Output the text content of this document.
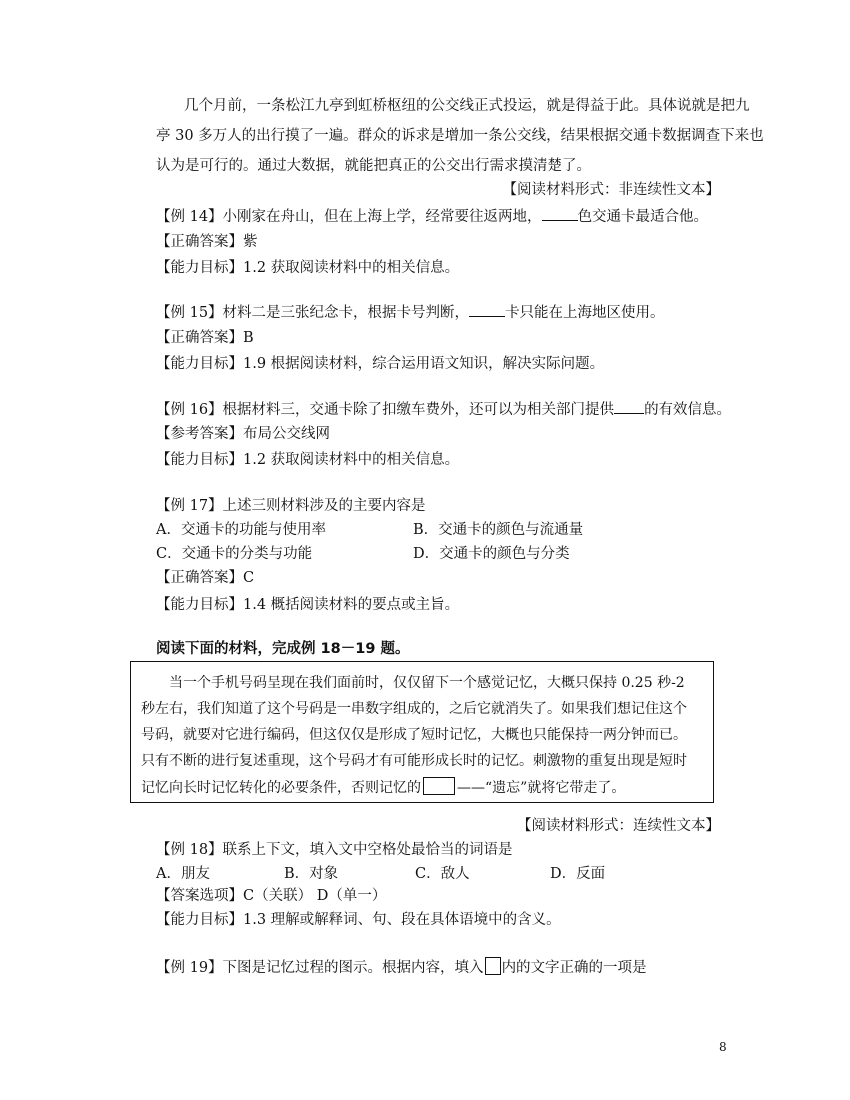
几个月前，一条松江九亭到虹桥枢纽的公交线正式投运，就是得益于此。具体说就是把九
亭 30 多万人的出行摸了一遍。群众的诉求是增加一条公交线，结果根据交通卡数据调查下来也
认为是可行的。通过大数据，就能把真正的公交出行需求摸清楚了。
【阅读材料形式：非连续性文本】
【例 14】小刚家在舟山，但在上海上学，经常要往返两地， 色交通卡最适合他。
【正确答案】紫
【能力目标】1.2 获取阅读材料中的相关信息。
【例 15】材料二是三张纪念卡，根据卡号判断， 卡只能在上海地区使用。
【正确答案】B
【能力目标】1.9 根据阅读材料，综合运用语文知识，解决实际问题。
【例 16】根据材料三，交通卡除了扣缴车费外，还可以为相关部门提供 的有效信息。
【参考答案】布局公交线网
【能力目标】1.2 获取阅读材料中的相关信息。
【例 17】上述三则材料涉及的主要内容是
A．交通卡的功能与使用率	B．交通卡的颜色与流通量
C．交通卡的分类与功能	D．交通卡的颜色与分类
【正确答案】C
【能力目标】1.4 概括阅读材料的要点或主旨。
阅读下面的材料，完成例 18－19 题。
当一个手机号码呈现在我们面前时，仅仅留下一个感觉记忆，大概只保持 0.25 秒-2
秒左右，我们知道了这个号码是一串数字组成的，之后它就消失了。如果我们想记住这个
号码，就要对它进行编码，但这仅仅是形成了短时记忆，大概也只能保持一两分钟而已。
只有不断的进行复述重现，这个号码才有可能形成长时的记忆。刺激物的重复出现是短时
记忆向长时记忆转化的必要条件，否则记忆的	——“遗忘”就将它带走了。
【阅读材料形式：连续性文本】
【例 18】联系上下文，填入文中空格处最恰当的词语是
A．朋友	B．对象	C．敌人	D．反面
【答案选项】C（关联） D（单一）
【能力目标】1.3 理解或解释词、句、段在具体语境中的含义。
【例 19】下图是记忆过程的图示。根据内容，填入 内的文字正确的一项是
8
